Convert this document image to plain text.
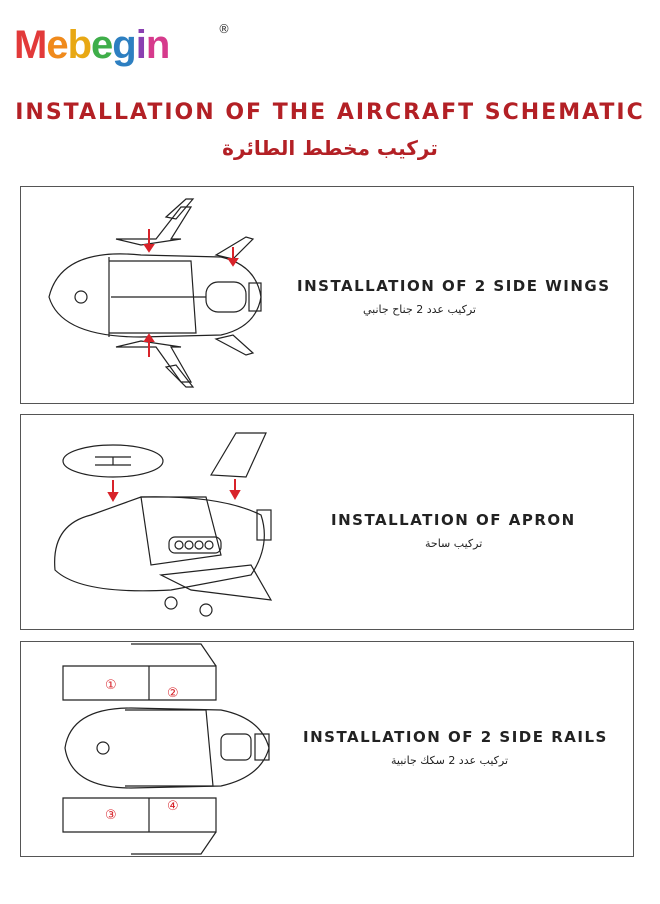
Mebegin	®
INSTALLATION OF THE AIRCRAFT SCHEMATIC
تركيب مخطط الطائرة
INSTALLATION OF 2 SIDE WINGS
تركيب عدد 2 جناح جانبي
INSTALLATION OF APRON
تركيب ساحة
①
②
③
④
INSTALLATION OF 2 SIDE RAILS
تركيب عدد 2 سكك جانبية
